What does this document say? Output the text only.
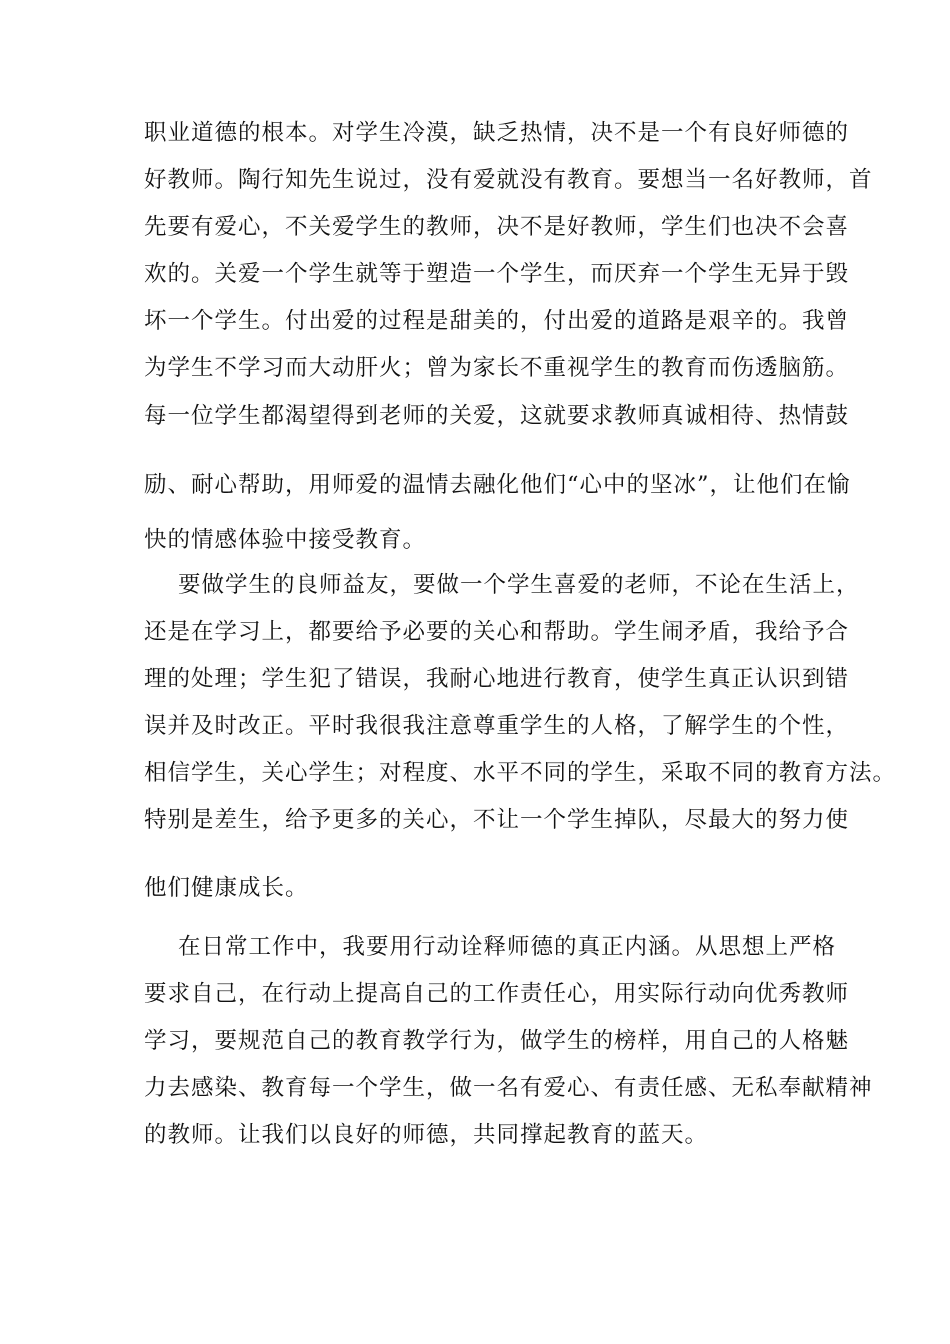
职业道德的根本。对学生冷漠，缺乏热情，决不是一个有良好师德的
好教师。陶行知先生说过，没有爱就没有教育。要想当一名好教师，首
先要有爱心，不关爱学生的教师，决不是好教师，学生们也决不会喜
欢的。关爱一个学生就等于塑造一个学生，而厌弃一个学生无异于毁
坏一个学生。付出爱的过程是甜美的，付出爱的道路是艰辛的。我曾
为学生不学习而大动肝火；曾为家长不重视学生的教育而伤透脑筋。
每一位学生都渴望得到老师的关爱，这就要求教师真诚相待、热情鼓
励、耐心帮助，用师爱的温情去融化他们“心中的坚冰”，让他们在愉
快的情感体验中接受教育。
要做学生的良师益友，要做一个学生喜爱的老师，不论在生活上，
还是在学习上，都要给予必要的关心和帮助。学生闹矛盾，我给予合
理的处理；学生犯了错误，我耐心地进行教育，使学生真正认识到错
误并及时改正。平时我很我注意尊重学生的人格，了解学生的个性，
相信学生，关心学生；对程度、水平不同的学生，采取不同的教育方法。
特别是差生，给予更多的关心，不让一个学生掉队，尽最大的努力使
他们健康成长。
在日常工作中，我要用行动诠释师德的真正内涵。从思想上严格
要求自己，在行动上提高自己的工作责任心，用实际行动向优秀教师
学习，要规范自己的教育教学行为，做学生的榜样，用自己的人格魅
力去感染、教育每一个学生，做一名有爱心、有责任感、无私奉献精神
的教师。让我们以良好的师德，共同撑起教育的蓝天。
